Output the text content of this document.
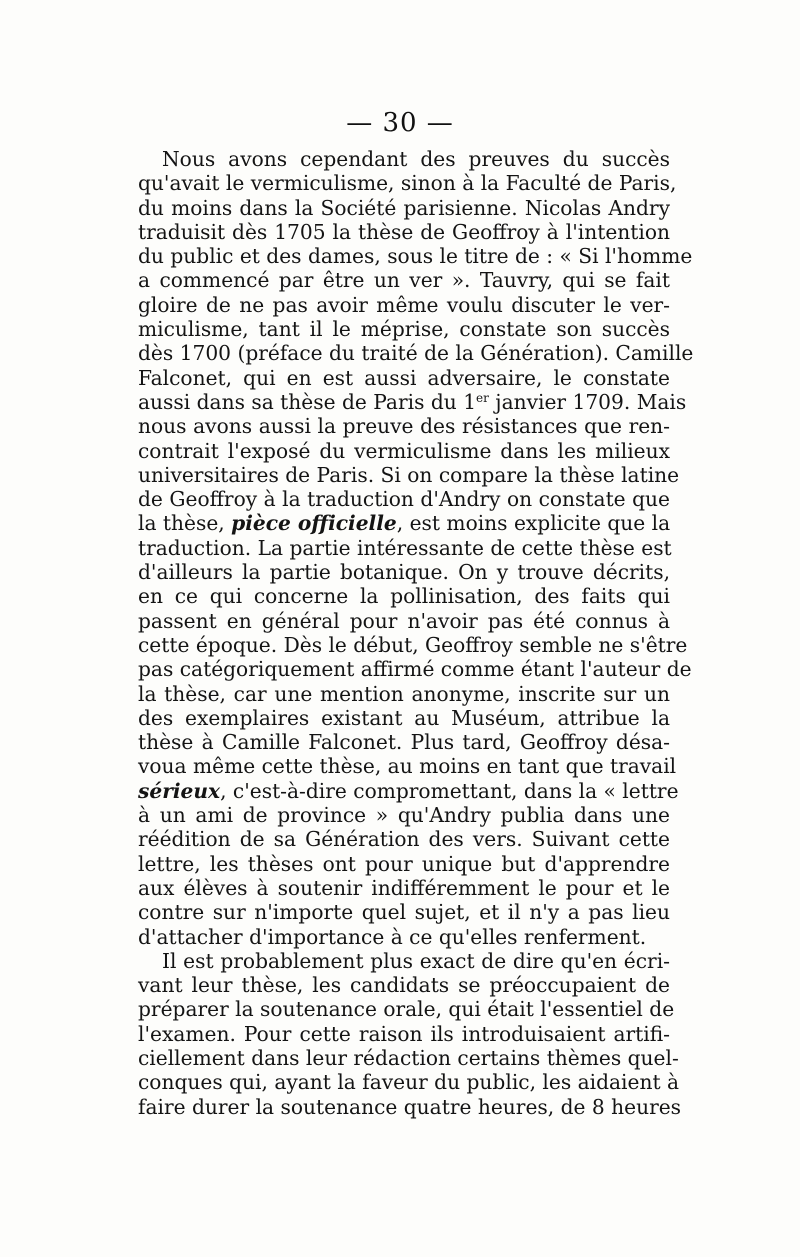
— 30 —
Nous avons cependant des preuves du succès
qu'avait le vermiculisme, sinon à la Faculté de Paris,
du moins dans la Société parisienne. Nicolas Andry
traduisit dès 1705 la thèse de Geoffroy à l'intention
du public et des dames, sous le titre de : « Si l'homme
a commencé par être un ver ». Tauvry, qui se fait
gloire de ne pas avoir même voulu discuter le ver-
miculisme, tant il le méprise, constate son succès
dès 1700 (préface du traité de la Génération). Camille
Falconet, qui en est aussi adversaire, le constate
aussi dans sa thèse de Paris du 1er janvier 1709. Mais
nous avons aussi la preuve des résistances que ren-
contrait l'exposé du vermiculisme dans les milieux
universitaires de Paris. Si on compare la thèse latine
de Geoffroy à la traduction d'Andry on constate que
la thèse, pièce officielle, est moins explicite que la
traduction. La partie intéressante de cette thèse est
d'ailleurs la partie botanique. On y trouve décrits,
en ce qui concerne la pollinisation, des faits qui
passent en général pour n'avoir pas été connus à
cette époque. Dès le début, Geoffroy semble ne s'être
pas catégoriquement affirmé comme étant l'auteur de
la thèse, car une mention anonyme, inscrite sur un
des exemplaires existant au Muséum, attribue la
thèse à Camille Falconet. Plus tard, Geoffroy désa-
voua même cette thèse, au moins en tant que travail
sérieux, c'est-à-dire compromettant, dans la « lettre
à un ami de province » qu'Andry publia dans une
réédition de sa Génération des vers. Suivant cette
lettre, les thèses ont pour unique but d'apprendre
aux élèves à soutenir indifféremment le pour et le
contre sur n'importe quel sujet, et il n'y a pas lieu
d'attacher d'importance à ce qu'elles renferment.
Il est probablement plus exact de dire qu'en écri-
vant leur thèse, les candidats se préoccupaient de
préparer la soutenance orale, qui était l'essentiel de
l'examen. Pour cette raison ils introduisaient artifi-
ciellement dans leur rédaction certains thèmes quel-
conques qui, ayant la faveur du public, les aidaient à
faire durer la soutenance quatre heures, de 8 heures
